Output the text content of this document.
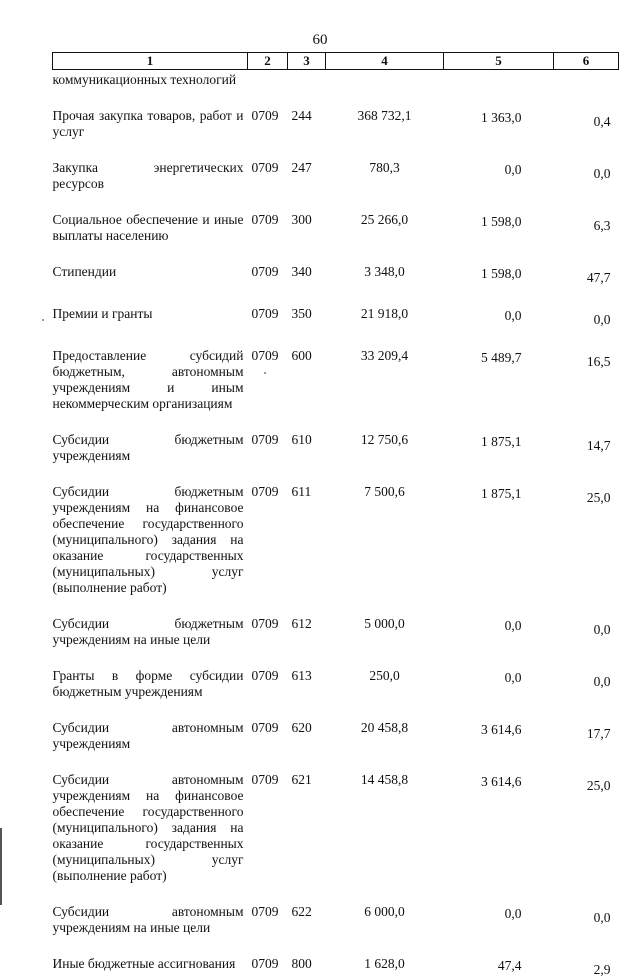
60
1	2	3	4	5	6
коммуникационных технологий					

Прочая закупка товаров, работ и услуг	0709	244	368 732,1	1 363,0	0,4

Закупка энергетических ресурсов	0709	247	780,3	0,0	0,0

Социальное обеспечение и иные выплаты населению	0709	300	25 266,0	1 598,0	6,3

Стипендии	0709	340	3 348,0	1 598,0	47,7

Премии и гранты	0709	350	21 918,0	0,0	0,0

Предоставление субсидий бюджетным, автономным учреждениям и иным некоммерческим организациям	0709	600	33 209,4	5 489,7	16,5

Субсидии бюджетным учреждениям	0709	610	12 750,6	1 875,1	14,7

Субсидии бюджетным учреждениям на финансовое обеспечение государственного (муниципального) задания на оказание государственных (муниципальных) услуг (выполнение работ)	0709	611	7 500,6	1 875,1	25,0

Субсидии бюджетным учреждениям на иные цели	0709	612	5 000,0	0,0	0,0

Гранты в форме субсидии бюджетным учреждениям	0709	613	250,0	0,0	0,0

Субсидии автономным учреждениям	0709	620	20 458,8	3 614,6	17,7

Субсидии автономным учреждениям на финансовое обеспечение государственного (муниципального) задания на оказание государственных (муниципальных) услуг (выполнение работ)	0709	621	14 458,8	3 614,6	25,0

Субсидии автономным учреждениям на иные цели	0709	622	6 000,0	0,0	0,0

Иные бюджетные ассигнования	0709	800	1 628,0	47,4	2,9
